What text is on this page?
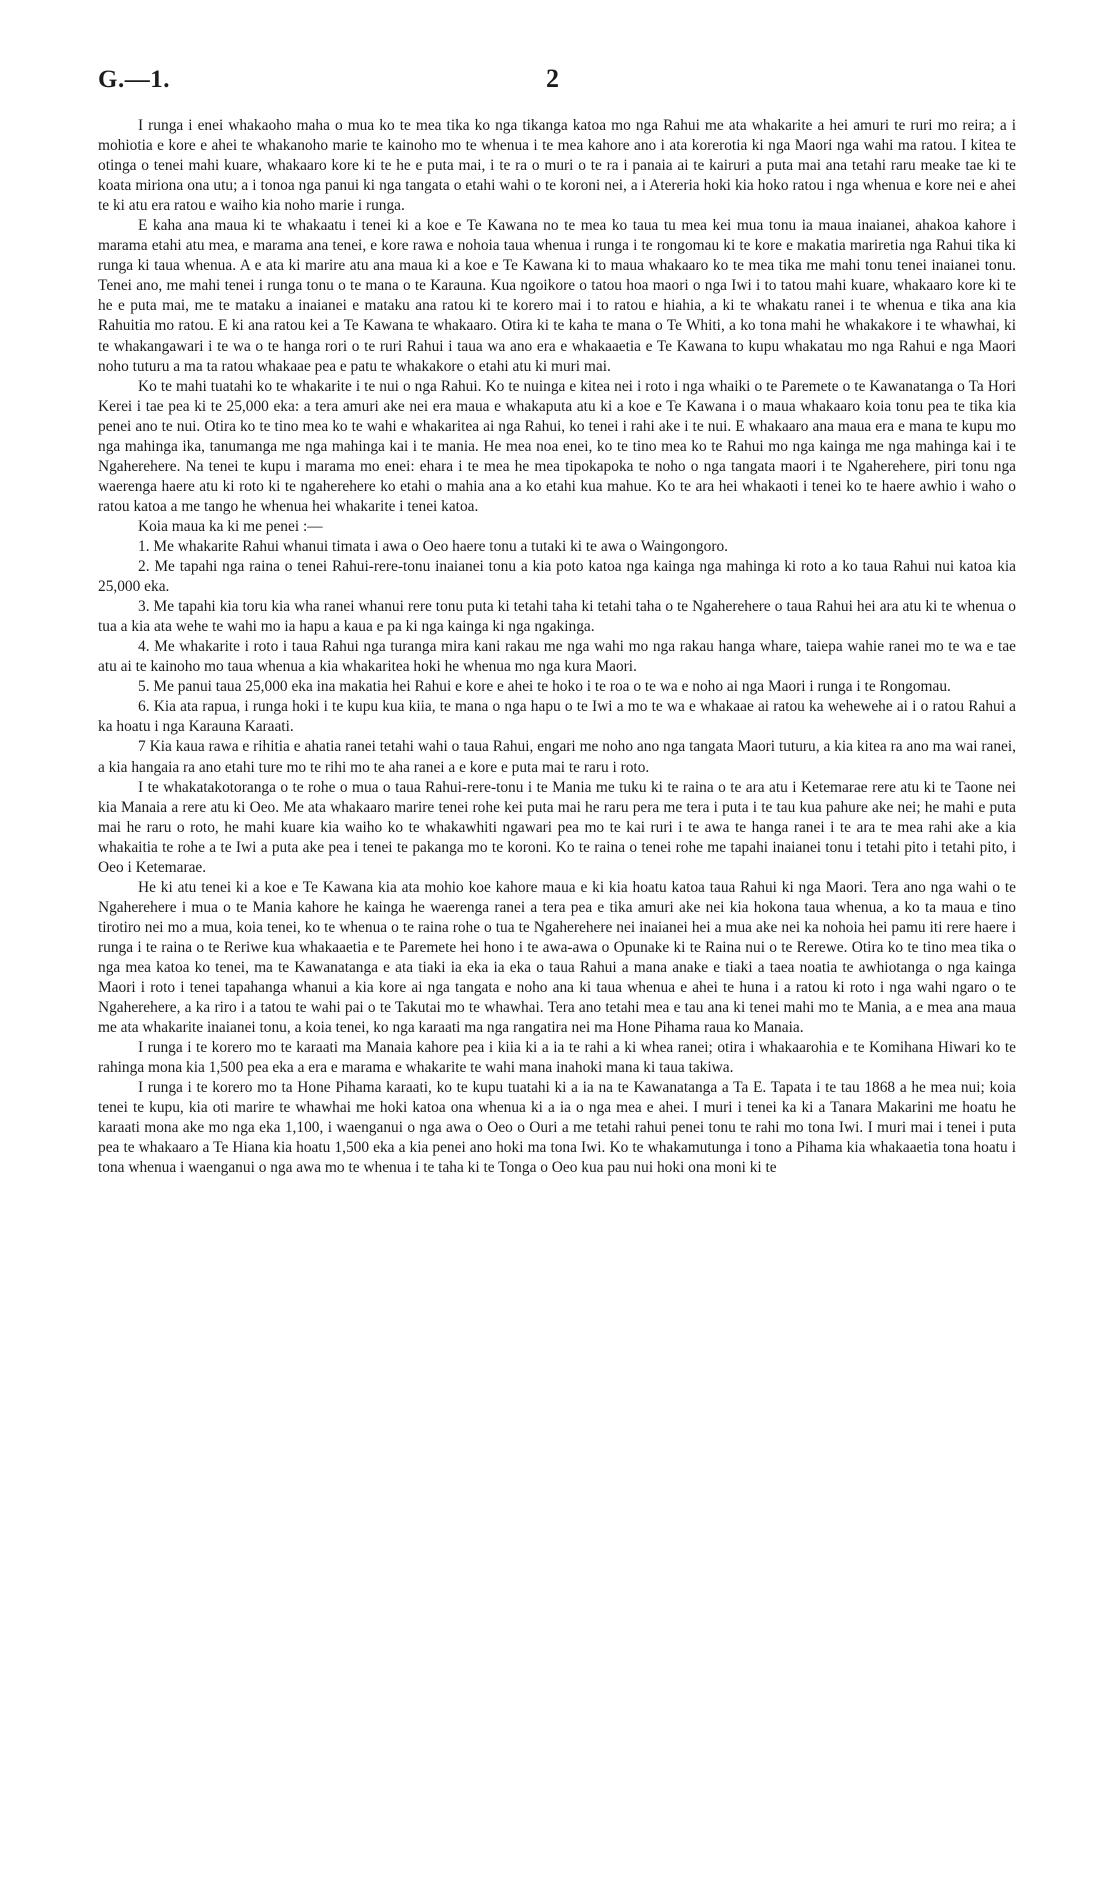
G.—1.	2

I runga i enei whakaoho maha o mua ko te mea tika ko nga tikanga katoa mo nga Rahui me ata whakarite a hei amuri te ruri mo reira; a i mohiotia e kore e ahei te whakanoho marie te kainoho mo te whenua i te mea kahore ano i ata korerotia ki nga Maori nga wahi ma ratou. I kitea te otinga o tenei mahi kuare, whakaaro kore ki te he e puta mai, i te ra o muri o te ra i panaia ai te kairuri a puta mai ana tetahi raru meake tae ki te koata miriona ona utu; a i tonoa nga panui ki nga tangata o etahi wahi o te koroni nei, a i Atereria hoki kia hoko ratou i nga whenua e kore nei e ahei te ki atu era ratou e waiho kia noho marie i runga.

E kaha ana maua ki te whakaatu i tenei ki a koe e Te Kawana no te mea ko taua tu mea kei mua tonu ia maua inaianei, ahakoa kahore i marama etahi atu mea, e marama ana tenei, e kore rawa e nohoia taua whenua i runga i te rongomau ki te kore e makatia mariretia nga Rahui tika ki runga ki taua whenua. A e ata ki marire atu ana maua ki a koe e Te Kawana ki to maua whakaaro ko te mea tika me mahi tonu tenei inaianei tonu. Tenei ano, me mahi tenei i runga tonu o te mana o te Karauna. Kua ngoikore o tatou hoa maori o nga Iwi i to tatou mahi kuare, whakaaro kore ki te he e puta mai, me te mataku a inaianei e mataku ana ratou ki te korero mai i to ratou e hiahia, a ki te whakatu ranei i te whenua e tika ana kia Rahuitia mo ratou. E ki ana ratou kei a Te Kawana te whakaaro. Otira ki te kaha te mana o Te Whiti, a ko tona mahi he whakakore i te whawhai, ki te whakangawari i te wa o te hanga rori o te ruri Rahui i taua wa ano era e whakaaetia e Te Kawana to kupu whakatau mo nga Rahui e nga Maori noho tuturu a ma ta ratou whakaae pea e patu te whakakore o etahi atu ki muri mai.

Ko te mahi tuatahi ko te whakarite i te nui o nga Rahui. Ko te nuinga e kitea nei i roto i nga whaiki o te Paremete o te Kawanatanga o Ta Hori Kerei i tae pea ki te 25,000 eka: a tera amuri ake nei era maua e whakaputa atu ki a koe e Te Kawana i o maua whakaaro koia tonu pea te tika kia penei ano te nui. Otira ko te tino mea ko te wahi e whakaritea ai nga Rahui, ko tenei i rahi ake i te nui. E whakaaro ana maua era e mana te kupu mo nga mahinga ika, tanumanga me nga mahinga kai i te mania. He mea noa enei, ko te tino mea ko te Rahui mo nga kainga me nga mahinga kai i te Ngaherehere. Na tenei te kupu i marama mo enei: ehara i te mea he mea tipokapoka te noho o nga tangata maori i te Ngaherehere, piri tonu nga waerenga haere atu ki roto ki te ngaherehere ko etahi o mahia ana a ko etahi kua mahue. Ko te ara hei whakaoti i tenei ko te haere awhio i waho o ratou katoa a me tango he whenua hei whakarite i tenei katoa.

Koia maua ka ki me penei :—

1. Me whakarite Rahui whanui timata i awa o Oeo haere tonu a tutaki ki te awa o Waingongoro.

2. Me tapahi nga raina o tenei Rahui-rere-tonu inaianei tonu a kia poto katoa nga kainga nga mahinga ki roto a ko taua Rahui nui katoa kia 25,000 eka.

3. Me tapahi kia toru kia wha ranei whanui rere tonu puta ki tetahi taha ki tetahi taha o te Ngaherehere o taua Rahui hei ara atu ki te whenua o tua a kia ata wehe te wahi mo ia hapu a kaua e pa ki nga kainga ki nga ngakinga.

4. Me whakarite i roto i taua Rahui nga turanga mira kani rakau me nga wahi mo nga rakau hanga whare, taiepa wahie ranei mo te wa e tae atu ai te kainoho mo taua whenua a kia whakaritea hoki he whenua mo nga kura Maori.

5. Me panui taua 25,000 eka ina makatia hei Rahui e kore e ahei te hoko i te roa o te wa e noho ai nga Maori i runga i te Rongomau.

6. Kia ata rapua, i runga hoki i te kupu kua kiia, te mana o nga hapu o te Iwi a mo te wa e whakaae ai ratou ka wehewehe ai i o ratou Rahui a ka hoatu i nga Karauna Karaati.

7 Kia kaua rawa e rihitia e ahatia ranei tetahi wahi o taua Rahui, engari me noho ano nga tangata Maori tuturu, a kia kitea ra ano ma wai ranei, a kia hangaia ra ano etahi ture mo te rihi mo te aha ranei a e kore e puta mai te raru i roto.

I te whakatakotoranga o te rohe o mua o taua Rahui-rere-tonu i te Mania me tuku ki te raina o te ara atu i Ketemarae rere atu ki te Taone nei kia Manaia a rere atu ki Oeo. Me ata whakaaro marire tenei rohe kei puta mai he raru pera me tera i puta i te tau kua pahure ake nei; he mahi e puta mai he raru o roto, he mahi kuare kia waiho ko te whakawhiti ngawari pea mo te kai ruri i te awa te hanga ranei i te ara te mea rahi ake a kia whakaitia te rohe a te Iwi a puta ake pea i tenei te pakanga mo te koroni. Ko te raina o tenei rohe me tapahi inaianei tonu i tetahi pito i tetahi pito, i Oeo i Ketemarae.

He ki atu tenei ki a koe e Te Kawana kia ata mohio koe kahore maua e ki kia hoatu katoa taua Rahui ki nga Maori. Tera ano nga wahi o te Ngaherehere i mua o te Mania kahore he kainga he waerenga ranei a tera pea e tika amuri ake nei kia hokona taua whenua, a ko ta maua e tino tirotiro nei mo a mua, koia tenei, ko te whenua o te raina rohe o tua te Ngaherehere nei inaianei hei a mua ake nei ka nohoia hei pamu iti rere haere i runga i te raina o te Reriwe kua whakaaetia e te Paremete hei hono i te awa-awa o Opunake ki te Raina nui o te Rerewe. Otira ko te tino mea tika o nga mea katoa ko tenei, ma te Kawanatanga e ata tiaki ia eka ia eka o taua Rahui a mana anake e tiaki a taea noatia te awhiotanga o nga kainga Maori i roto i tenei tapahanga whanui a kia kore ai nga tangata e noho ana ki taua whenua e ahei te huna i a ratou ki roto i nga wahi ngaro o te Ngaherehere, a ka riro i a tatou te wahi pai o te Takutai mo te whawhai. Tera ano tetahi mea e tau ana ki tenei mahi mo te Mania, a e mea ana maua me ata whakarite inaianei tonu, a koia tenei, ko nga karaati ma nga rangatira nei ma Hone Pihama raua ko Manaia.

I runga i te korero mo te karaati ma Manaia kahore pea i kiia ki a ia te rahi a ki whea ranei; otira i whakaarohia e te Komihana Hiwari ko te rahinga mona kia 1,500 pea eka a era e marama e whakarite te wahi mana inahoki mana ki taua takiwa.

I runga i te korero mo ta Hone Pihama karaati, ko te kupu tuatahi ki a ia na te Kawanatanga a Ta E. Tapata i te tau 1868 a he mea nui; koia tenei te kupu, kia oti marire te whawhai me hoki katoa ona whenua ki a ia o nga mea e ahei. I muri i tenei ka ki a Tanara Makarini me hoatu he karaati mona ake mo nga eka 1,100, i waenganui o nga awa o Oeo o Ouri a me tetahi rahui penei tonu te rahi mo tona Iwi. I muri mai i tenei i puta pea te whakaaro a Te Hiana kia hoatu 1,500 eka a kia penei ano hoki ma tona Iwi. Ko te whakamutunga i tono a Pihama kia whakaaetia tona hoatu i tona whenua i waenganui o nga awa mo te whenua i te taha ki te Tonga o Oeo kua pau nui hoki ona moni ki te
